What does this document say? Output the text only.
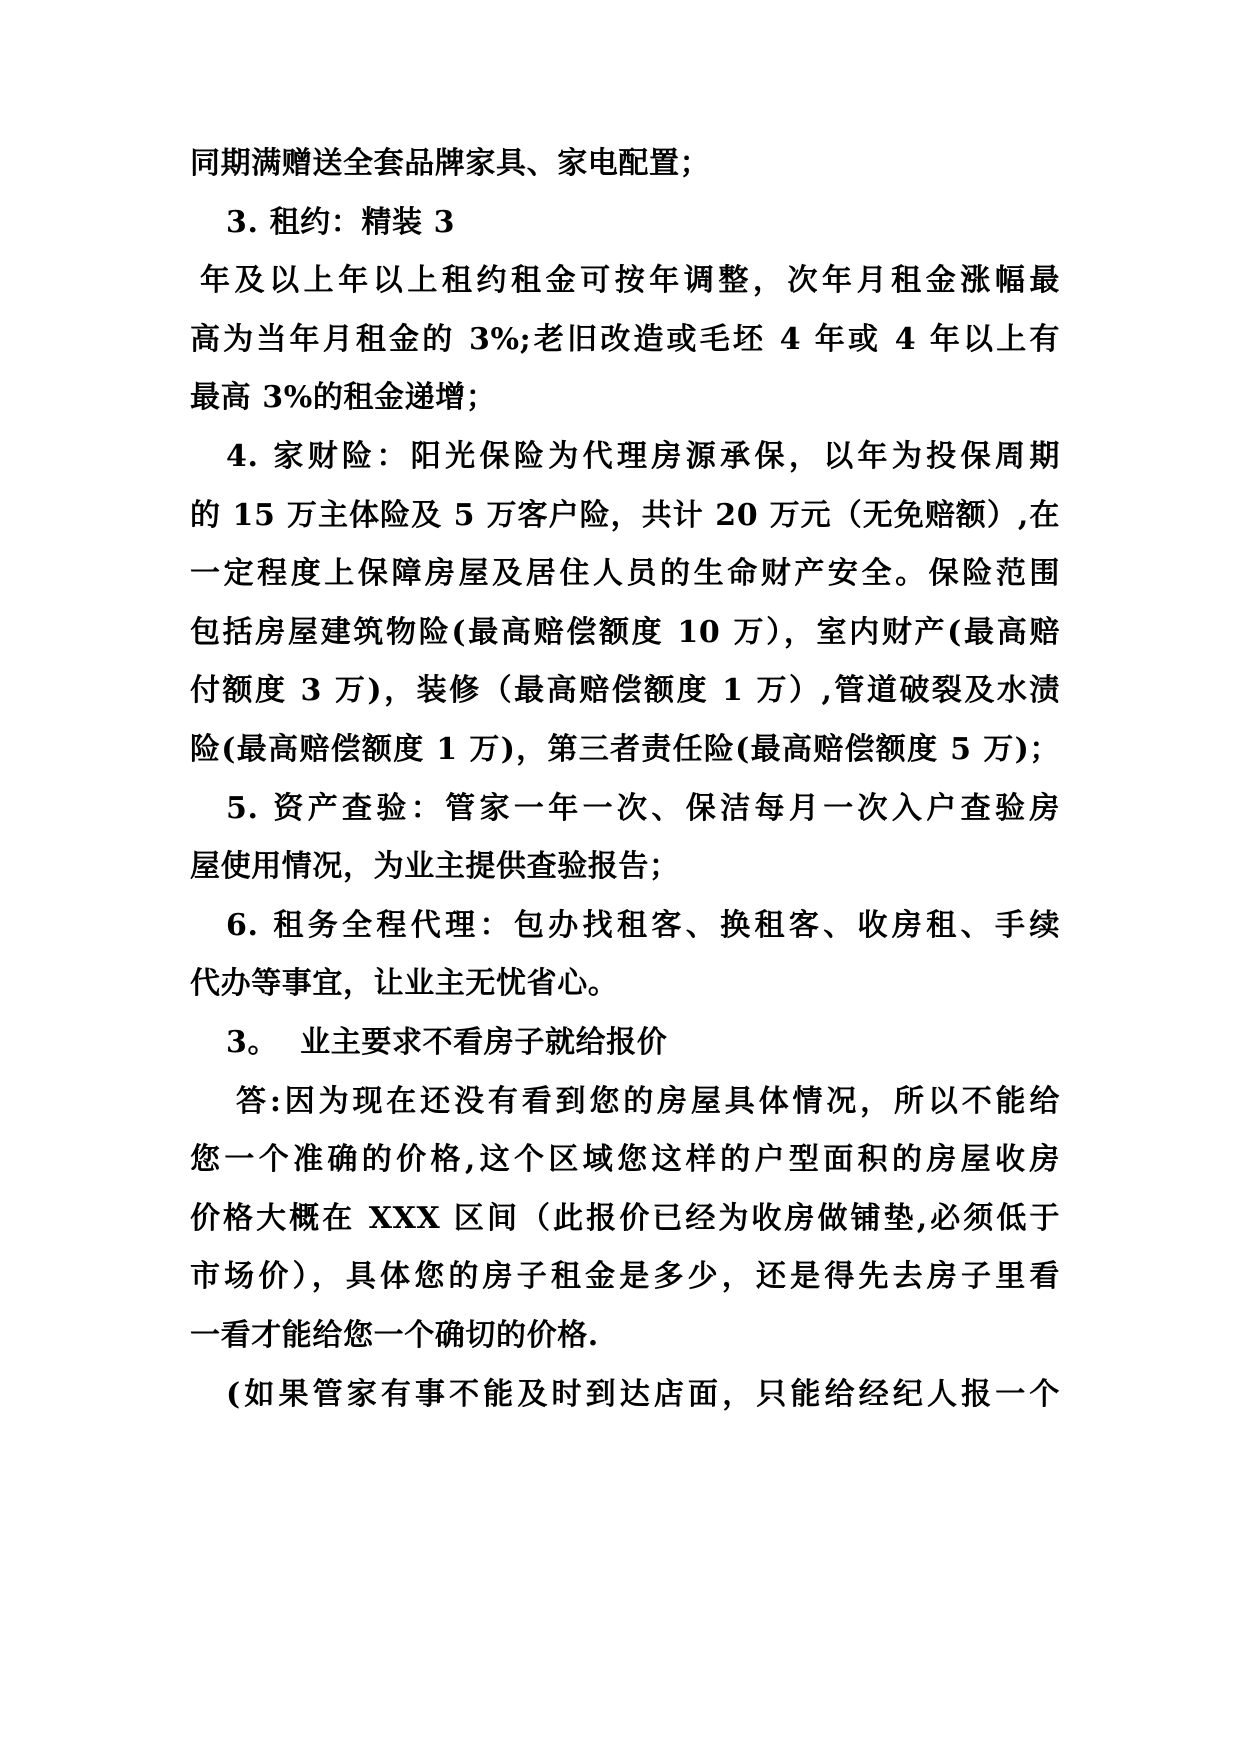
同期满赠送全套品牌家具、家电配置；
3. 租约：精装 3
年及以上年以上租约租金可按年调整，次年月租金涨幅最
高为当年月租金的 3%;老旧改造或毛坯 4 年或 4 年以上有
最高 3%的租金递增；
4. 家财险：阳光保险为代理房源承保，以年为投保周期
的 15 万主体险及 5 万客户险，共计 20 万元（无免赔额）,在
一定程度上保障房屋及居住人员的生命财产安全。保险范围
包括房屋建筑物险(最高赔偿额度 10 万），室内财产(最高赔
付额度 3 万)，装修（最高赔偿额度 1 万）,管道破裂及水渍
险(最高赔偿额度 1 万)，第三者责任险(最高赔偿额度 5 万)；
5. 资产查验：管家一年一次、保洁每月一次入户查验房
屋使用情况，为业主提供查验报告；
6. 租务全程代理：包办找租客、换租客、收房租、手续
代办等事宜，让业主无忧省心。
3。  业主要求不看房子就给报价
答:因为现在还没有看到您的房屋具体情况，所以不能给
您一个准确的价格,这个区域您这样的户型面积的房屋收房
价格大概在 XXX 区间（此报价已经为收房做铺垫,必须低于
市场价），具体您的房子租金是多少，还是得先去房子里看
一看才能给您一个确切的价格.
(如果管家有事不能及时到达店面，只能给经纪人报一个
